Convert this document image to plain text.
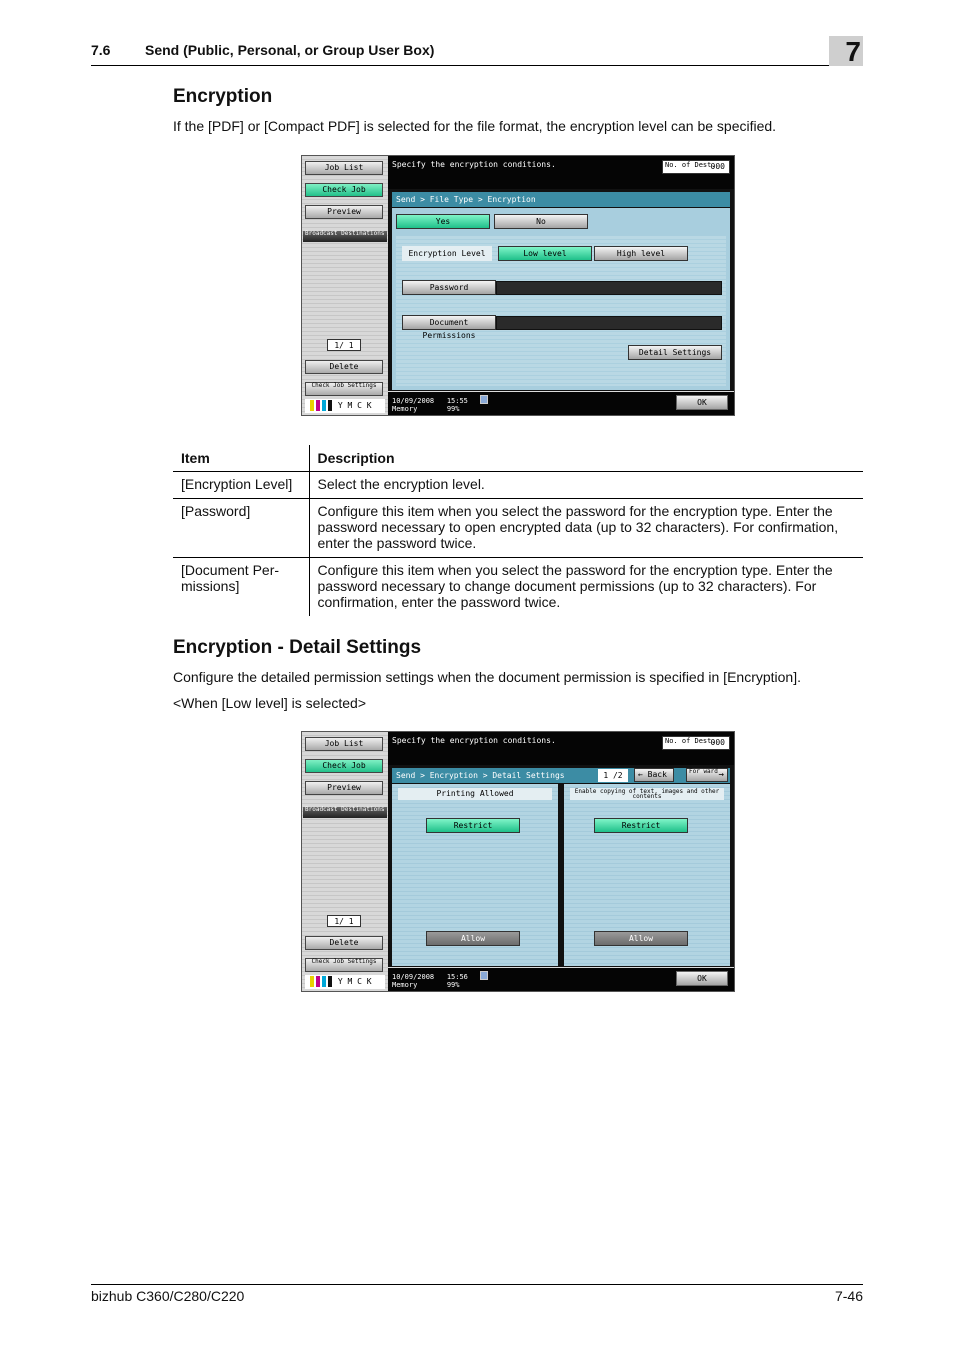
7.6 Send (Public, Personal, or Group User Box)	7
Encryption
If the [PDF] or [Compact PDF] is selected for the file format, the encryption level can be specified.
Job List
Check Job
Preview
Broadcast Destinations
1/ 1
Delete
Check Job Settings
Y M C K
Specify the encryption conditions.	No. of Dest.
000
Send > File Type > Encryption
Yes	No
Encryption Level	Low level	High level
Password
Document Permissions
Detail Settings
10/09/2008 15:55
Memory	99%
OK
Item	Description
[Encryption Level]	Select the encryption level.
[Password]	Configure this item when you select the password for the encryption type. Enter the password necessary to open encrypted data (up to 32 characters). For confirmation, enter the password twice.
[Document Per-missions]	Configure this item when you select the password for the encryption type. Enter the password necessary to change document permissions (up to 32 characters). For confirmation, enter the password twice.
Encryption - Detail Settings
Configure the detailed permission settings when the document permission is specified in [Encryption].
<When [Low level] is selected>
Job List
Check Job
Preview
Broadcast Destinations
1/ 1
Delete
Check Job Settings
Y M C K
Specify the encryption conditions.	No. of Dest.
000
Send > Encryption > Detail Settings	1 /2	← Back	For ward →
Printing Allowed
Restrict
Allow
Enable copying of text, images and other contents
Restrict
Allow
10/09/2008 15:56
Memory	99%
OK
bizhub C360/C280/C220	7-46
